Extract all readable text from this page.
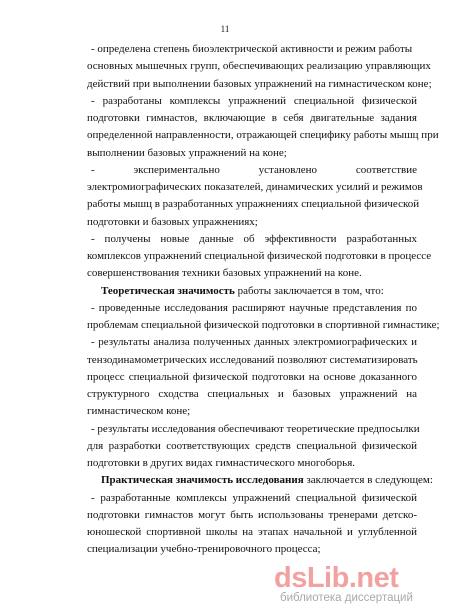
11
- определена степень биоэлектрической активности и режим работы
основных мышечных групп, обеспечивающих реализацию управляющих
действий при выполнении базовых упражнений на гимнастическом коне;
- разработаны комплексы упражнений специальной физической
подготовки гимнастов, включающие в себя двигательные задания
определенной направленности, отражающей специфику работы мышц при
выполнении базовых упражнений на коне;
- экспериментально установлено соответствие
электромиографических показателей, динамических усилий и режимов
работы мышц в разработанных упражнениях специальной физической
подготовки и базовых упражнениях;
- получены новые данные об эффективности разработанных
комплексов упражнений специальной физической подготовки в процессе
совершенствования техники базовых упражнений на коне.
Теоретическая значимость работы заключается в том, что:
- проведенные исследования расширяют научные представления по
проблемам специальной физической подготовки в спортивной гимнастике;
- результаты анализа полученных данных электромиографических и
тензодинамометрических исследований позволяют систематизировать
процесс специальной физической подготовки на основе доказанного
структурного сходства специальных и базовых упражнений на
гимнастическом коне;
- результаты исследования обеспечивают теоретические предпосылки
для разработки соответствующих средств специальной физической
подготовки в других видах гимнастического многоборья.
Практическая значимость исследования заключается в следующем:
- разработанные комплексы упражнений специальной физической
подготовки гимнастов могут быть использованы тренерами детско-
юношеской спортивной школы на этапах начальной и углубленной
специализации учебно-тренировочного процесса;
dsLib.net
библиотека диссертаций
